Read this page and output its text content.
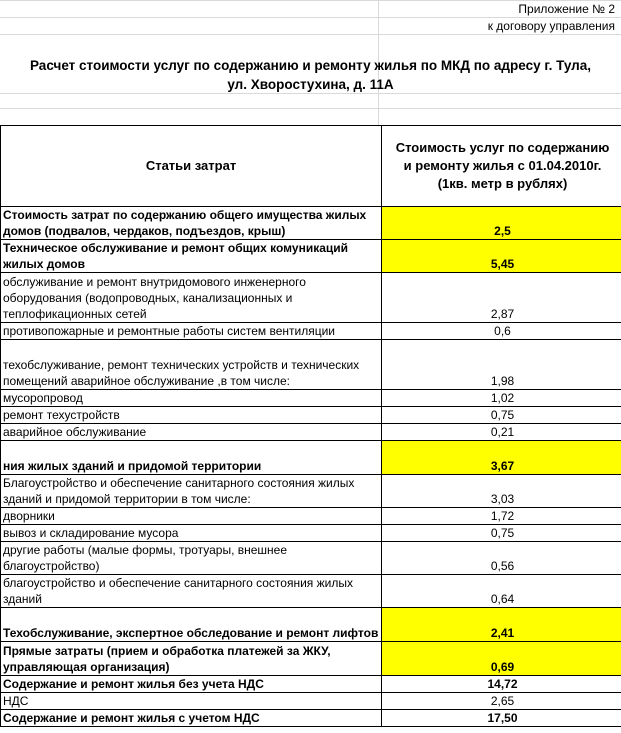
Приложение № 2
к договору управления
Расчет стоимости услуг по содержанию и ремонту жилья по МКД по адресу г. Тула,
ул. Хворостухина, д. 11А
Статьи затрат	Стоимость услуг по содержанию
и ремонту жилья с 01.04.2010г.
(1кв. метр в рублях)

Стоимость затрат по содержанию общего имущества жилых домов (подвалов, чердаков, подъездов, крыш)	2,5
Техническое обслуживание и ремонт общих комуникаций жилых домов	5,45
обслуживание и ремонт внутридомового инженерного оборудования (водопроводных, канализационных и теплофикационных сетей	2,87
противопожарные и ремонтные работы систем вентиляции	0,6
техобслуживание, ремонт технических устройств и технических помещений аварийное обслуживание ,в том числе:	1,98
мусоропровод	1,02
ремонт техустройств	0,75
аварийное обслуживание	0,21
ния жилых зданий и придомой территории	3,67
Благоустройство и обеспечение санитарного состояния жилых зданий и придомой территории в том числе:	3,03
дворники	1,72
вывоз и складирование мусора	0,75
другие работы (малые формы, тротуары, внешнее благоустройство)	0,56
благоустройство и обеспечение санитарного состояния жилых зданий	0,64
Техобслуживание, экспертное обследование и ремонт лифтов	2,41
Прямые затраты (прием и обработка платежей за ЖКУ, управляющая организация)	0,69
Содержание и ремонт жилья без учета НДС	14,72
НДС	2,65
Содержание и ремонт жилья с учетом НДС	17,50
